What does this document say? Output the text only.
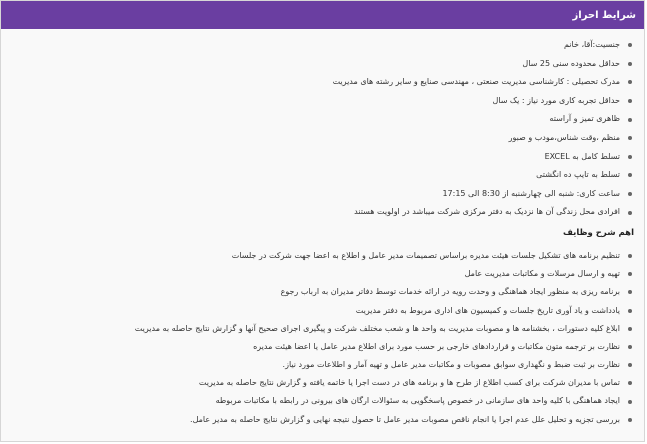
شرایط احراز
جنسیت:آقا، خانم
حداقل محدوده سنی 25 سال
مدرک تحصیلی : کارشناسی مدیریت صنعتی ، مهندسی صنایع و سایر رشته های مدیریت
حداقل تجربه کاری مورد نیاز : یک سال
ظاهری تمیز و آراسته
منظم ،وقت شناس،مودب و صبور
تسلط کامل به EXCEL
تسلط به تایپ ده انگشتی
ساعت کاری: شنبه الی چهارشنبه از 8:30 الی 17:15
افرادی محل زندگی آن ها نزدیک به دفتر مرکزی شرکت میباشد در اولویت هستند
اهم شرح وظایف
تنظیم برنامه های تشکیل جلسات هیئت مدیره براساس تصمیمات مدیر عامل و اطلاع به اعضا جهت شرکت در جلسات
تهیه و ارسال مرسلات و مکاتبات مدیریت عامل
برنامه ریزی به منظور ایجاد هماهنگی و وحدت رویه در ارائه خدمات توسط دفاتر مدیران به ارباب رجوع
یادداشت و یاد آوری تاریخ جلسات و کمیسیون های اداری مربوط به دفتر مدیریت
ابلاغ کلیه دستورات ، بخشنامه ها و مصوبات مدیریت به واحد ها و شعب مختلف شرکت و پیگیری اجرای صحیح آنها و گزارش نتایج حاصله به مدیریت
نظارت بر ترجمه متون مکاتبات و قراردادهای خارجی بر حسب مورد برای اطلاع مدیر عامل یا اعضا هیئت مدیره
نظارت بر ثبت ضبط و نگهداری سوابق مصوبات و مکاتبات مدیر عامل و تهیه آمار و اطلاعات مورد نیاز.
تماس با مدیران شرکت برای کسب اطلاع از طرح ها و برنامه های در دست اجرا یا خاتمه یافته و گزارش نتایج حاصله به مدیریت
ایجاد هماهنگی با کلیه واحد های سازمانی در خصوص پاسخگویی به سئوالات ارگان های بیرونی در رابطه با مکاتبات مربوطه
بررسی تجزیه و تحلیل علل عدم اجرا یا انجام ناقص مصوبات مدیر عامل تا حصول نتیجه نهایی و گزارش نتایج حاصله به مدیر عامل.
